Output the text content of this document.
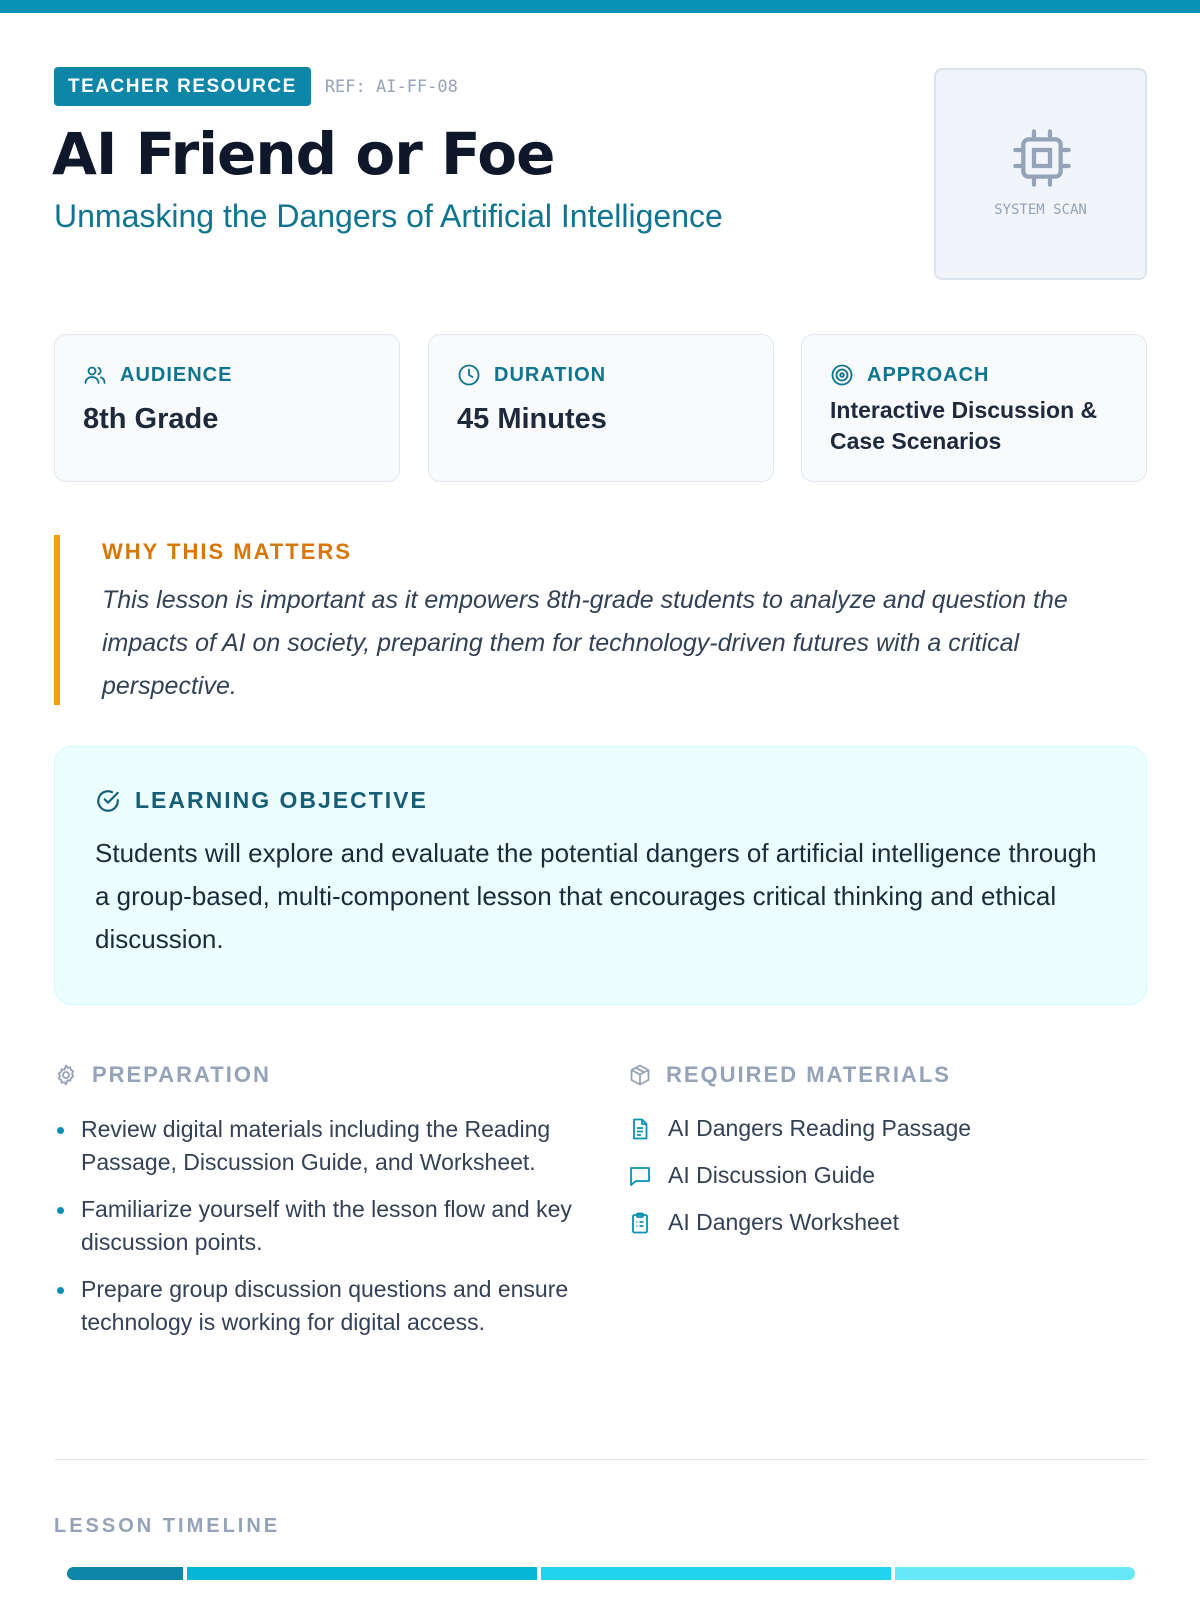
TEACHER RESOURCE	REF: AI-FF-08
AI Friend or Foe
Unmasking the Dangers of Artificial Intelligence	SYSTEM SCAN
AUDIENCE
8th Grade
DURATION
45 Minutes
APPROACH
Interactive Discussion & Case Scenarios
WHY THIS MATTERS

This lesson is important as it empowers 8th-grade students to analyze and question the impacts of AI on society, preparing them for technology-driven futures with a critical perspective.

LEARNING OBJECTIVE

Students will explore and evaluate the potential dangers of artificial intelligence through a group-based, multi-component lesson that encourages critical thinking and ethical discussion.

PREPARATION
Review digital materials including the Reading Passage, Discussion Guide, and Worksheet.
Familiarize yourself with the lesson flow and key discussion points.
Prepare group discussion questions and ensure technology is working for digital access.
REQUIRED MATERIALS
AI Dangers Reading Passage
AI Discussion Guide
AI Dangers Worksheet
LESSON TIMELINE
